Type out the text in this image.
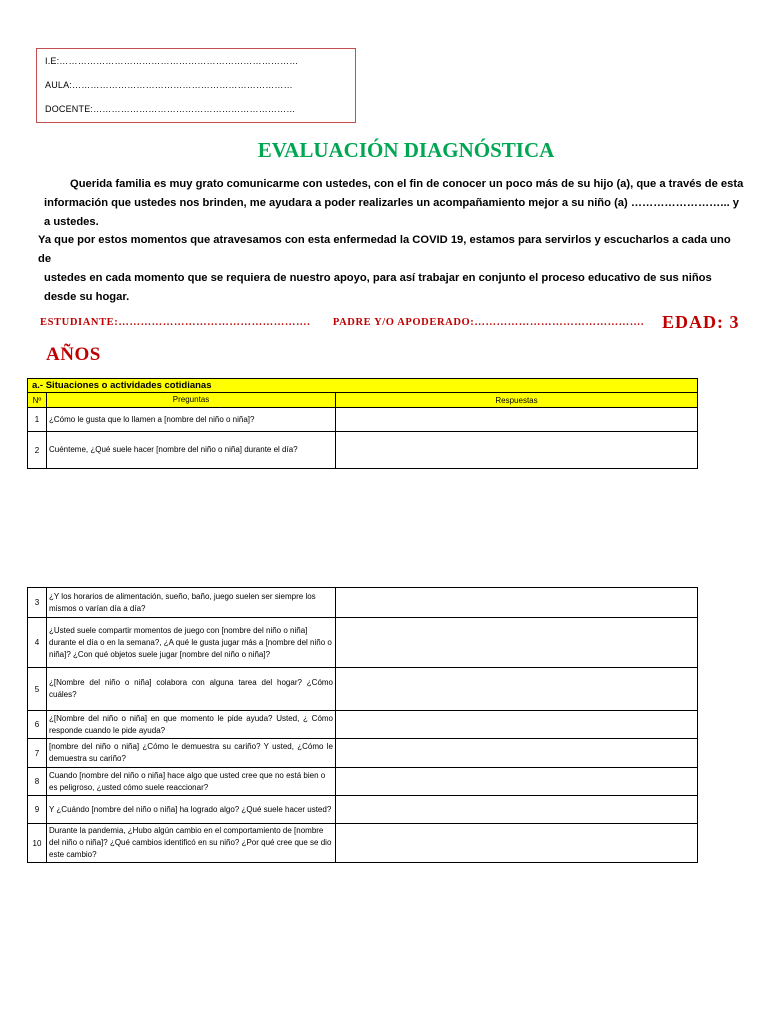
I.E:……………………………………………………………………
AULA:………………………………………………………………
DOCENTE:…………………………………………………………
EVALUACIÓN DIAGNÓSTICA
Querida familia es muy grato comunicarme con ustedes, con el fin de conocer un poco más de su hijo (a), que a través de esta información que ustedes nos brinden, me ayudara a poder realizarles un acompañamiento mejor a su niño (a) ……………………... y a ustedes.
Ya que por estos momentos que atravesamos con esta enfermedad la COVID 19, estamos para servirlos y escucharlos a cada uno de
ustedes en cada momento que se requiera de nuestro apoyo, para así trabajar en conjunto el proceso educativo de sus niños desde su hogar.
ESTUDIANTE:……………………………………………. PADRE Y/O APODERADO:………………………………………. EDAD: 3
AÑOS
a.- Situaciones o actividades cotidianas		
Nº	Preguntas	Respuestas
1	¿Cómo le gusta que lo llamen a [nombre del niño o niña]?	
2	Cuénteme, ¿Qué suele hacer [nombre del niño o niña] durante el día?	
3	¿Y los horarios de alimentación, sueño, baño, juego suelen ser siempre los mismos o varían día a día?	
4	¿Usted suele compartir momentos de juego con [nombre del niño o niña] durante el día o en la semana?, ¿A qué le gusta jugar más a [nombre del niño o niña]? ¿Con qué objetos suele jugar [nombre del niño o niña]?	
5	¿[Nombre del niño o niña] colabora con alguna tarea del hogar? ¿Cómo cuáles?	
6	¿[Nombre del niño o niña] en que momento le pide ayuda? Usted, ¿ Cómo responde cuando le pide ayuda?	
7	[nombre del niño o niña] ¿Cómo le demuestra su cariño? Y usted, ¿Cómo le demuestra su cariño?	
8	Cuando [nombre del niño o niña] hace algo que usted cree que no está bien o es peligroso, ¿usted cómo suele reaccionar?	
9	Y ¿Cuándo [nombre del niño o niña] ha logrado algo? ¿Qué suele hacer usted?	
10	Durante la pandemia, ¿Hubo algún cambio en el comportamiento de [nombre del niño o niña]? ¿Qué cambios identificó en su niño? ¿Por qué cree que se dio este cambio?	
